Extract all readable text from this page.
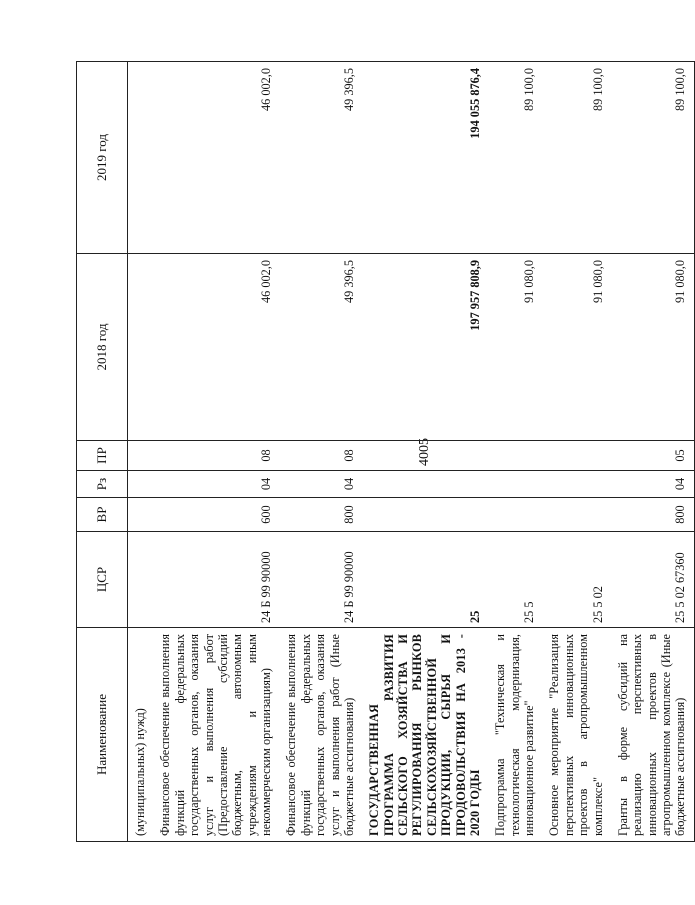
4005
Наименование	ЦСР	ВР	Рз	ПР	2018 год	2019 год
(муниципальных) нужд)						
Финансовое обеспечение выполнения функций федеральных государственных органов, оказания услуг и выполнения работ (Предоставление субсидий бюджетным, автономным учреждениям и иным некоммерческим организациям)	24 Б 99 90000	600	04	08	46 002,0	46 002,0
Финансовое обеспечение выполнения функций федеральных государственных органов, оказания услуг и выполнения работ (Иные бюджетные ассигнования)	24 Б 99 90000	800	04	08	49 396,5	49 396,5
ГОСУДАРСТВЕННАЯ ПРОГРАММА РАЗВИТИЯ СЕЛЬСКОГО ХОЗЯЙСТВА И РЕГУЛИРОВАНИЯ РЫНКОВ СЕЛЬСКОХОЗЯЙСТВЕННОЙ ПРОДУКЦИИ, СЫРЬЯ И ПРОДОВОЛЬСТВИЯ НА 2013 - 2020 ГОДЫ	25				197 957 808,9	194 055 876,4
Подпрограмма "Техническая и технологическая модернизация, инновационное развитие"	25 5				91 080,0	89 100,0
Основное мероприятие "Реализация перспективных инновационных проектов в агропромышленном комплексе"	25 5 02				91 080,0	89 100,0
Гранты в форме субсидий на реализацию перспективных инновационных проектов в агропромышленном комплексе (Иные бюджетные ассигнования)	25 5 02 67360	800	04	05	91 080,0	89 100,0
